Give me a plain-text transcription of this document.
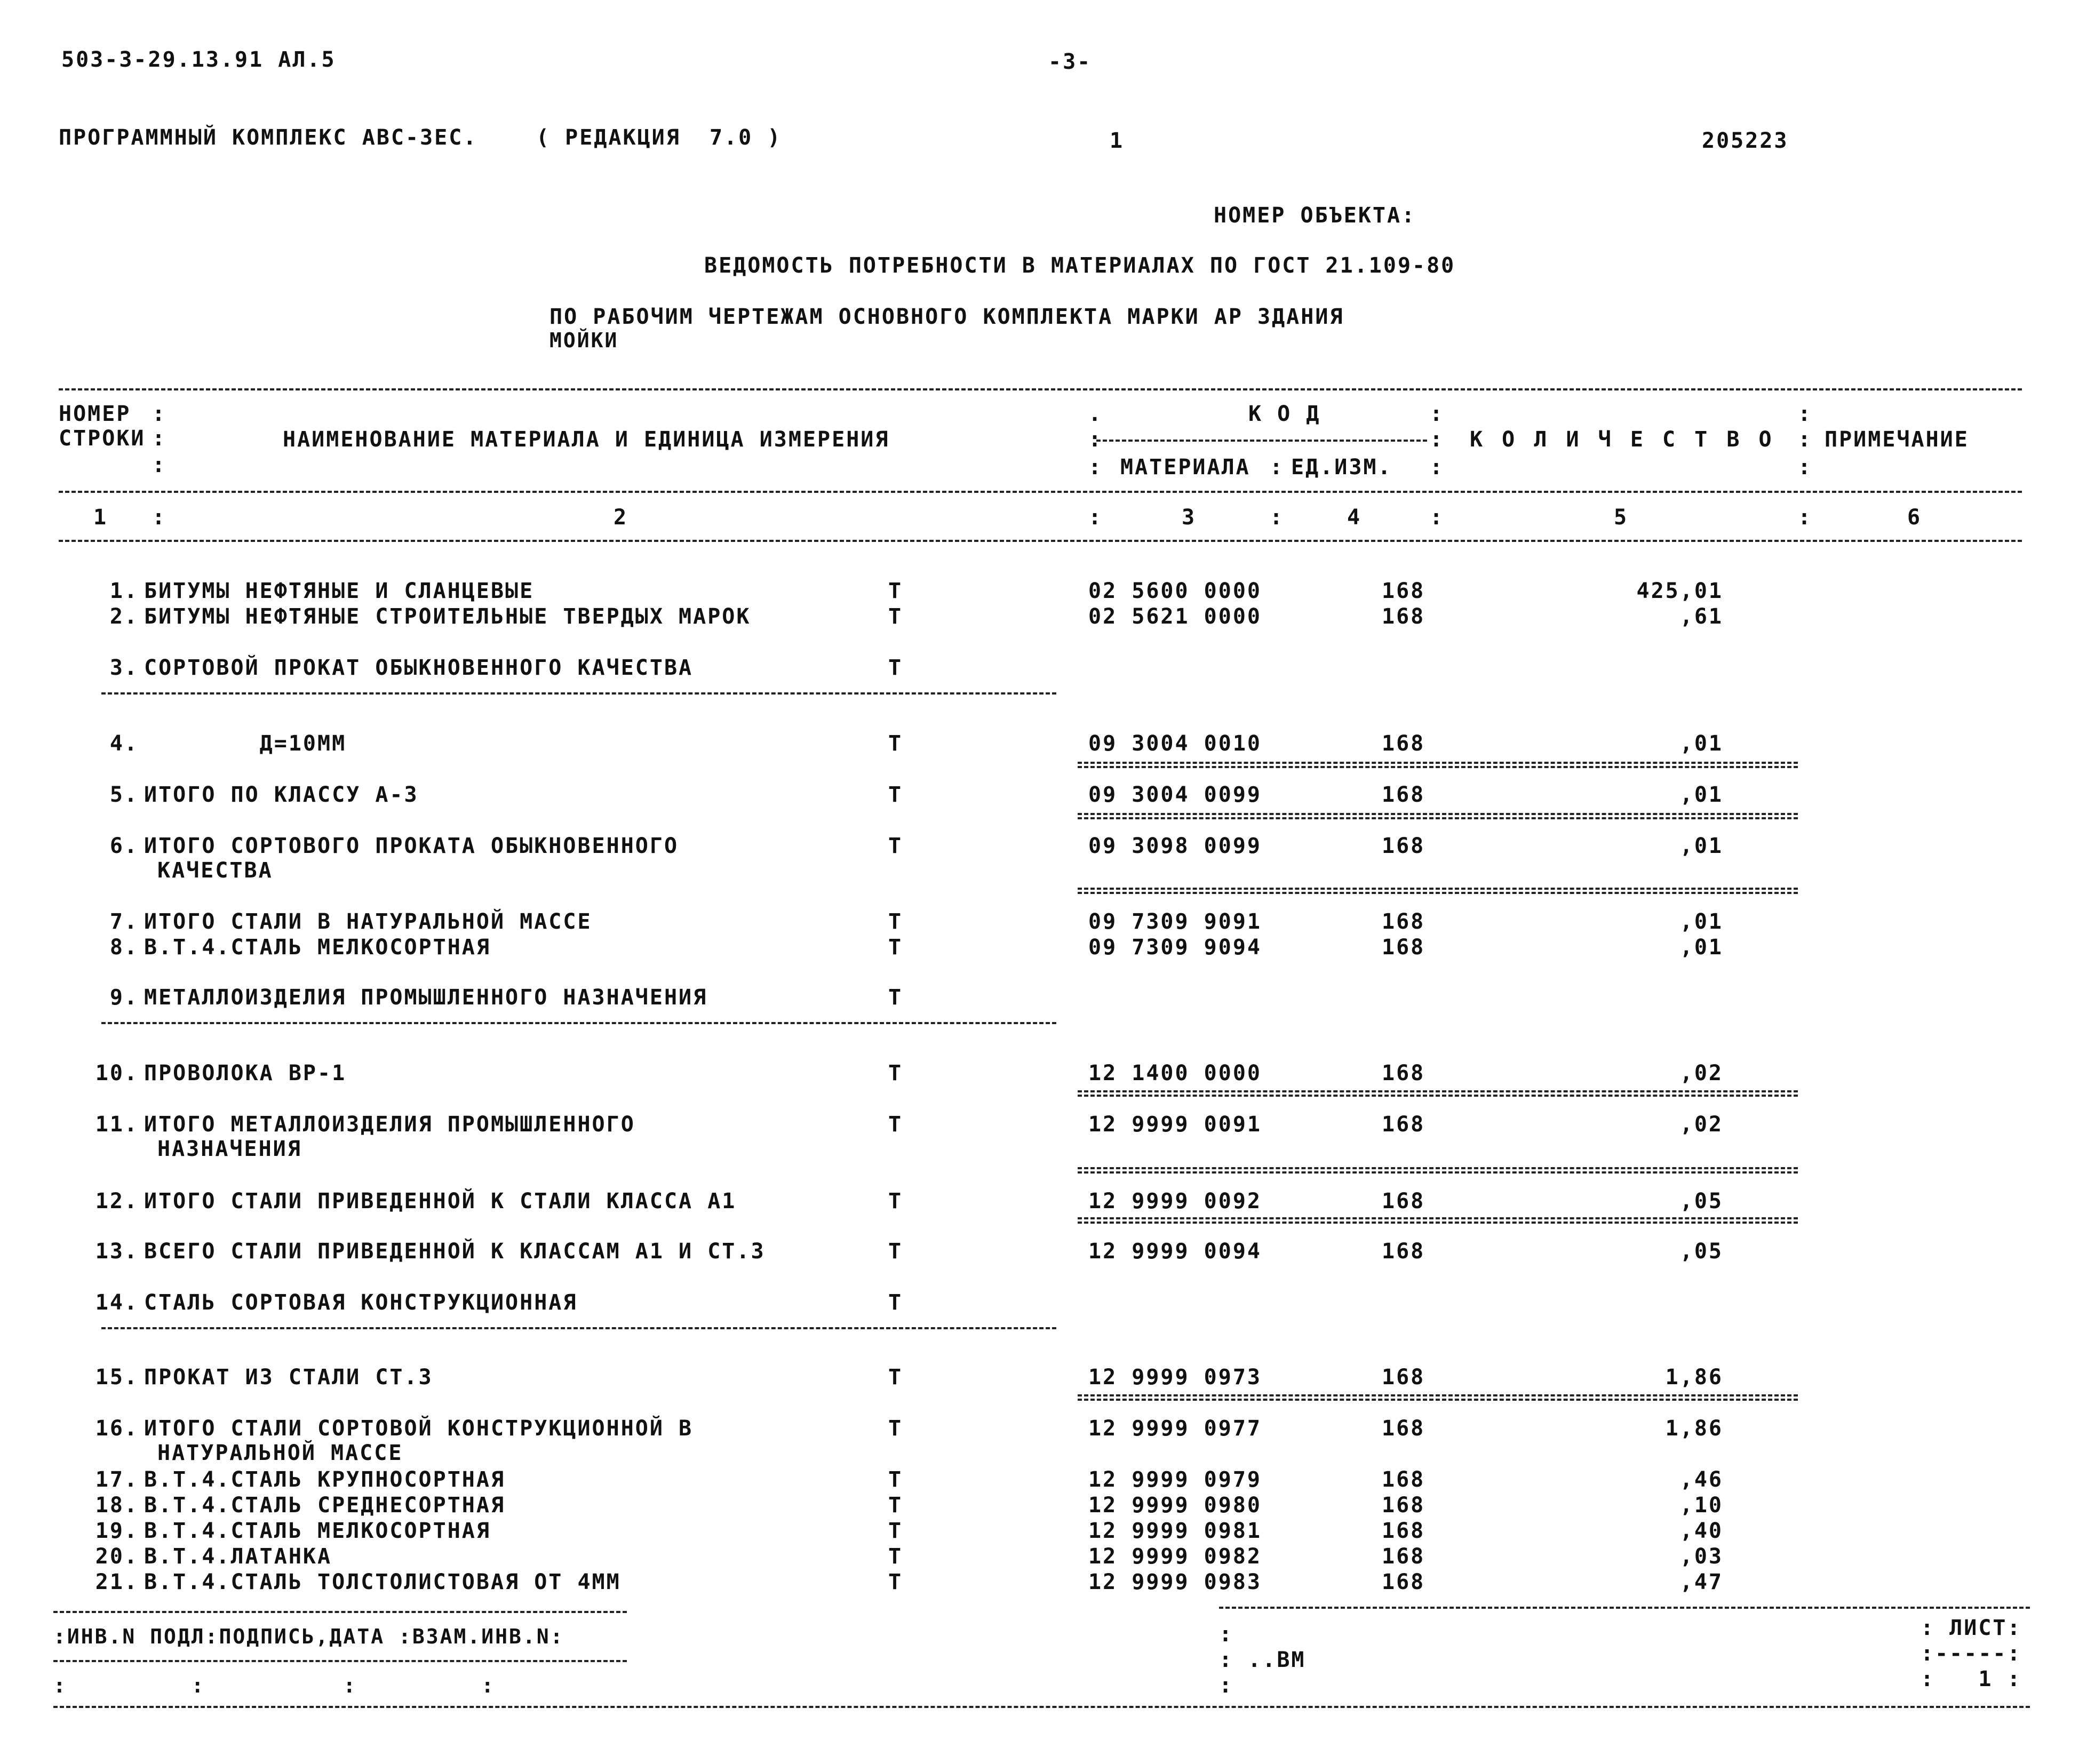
503-3-29.13.91 АЛ.5	-3-
ПРОГРАММНЫЙ КОМПЛЕКС АВС-3ЕС.	( РЕДАКЦИЯ  7.0 )	1	205223
НОМЕР ОБЪЕКТА:
ВЕДОМОСТЬ ПОТРЕБНОСТИ В МАТЕРИАЛАХ ПО ГОСТ 21.109-80
ПО РАБОЧИМ ЧЕРТЕЖАМ ОСНОВНОГО КОМПЛЕКТА МАРКИ АР ЗДАНИЯ
МОЙКИ
НОМЕР :
СТРОКИ :
:
НАИМЕНОВАНИЕ МАТЕРИАЛА И ЕДИНИЦА ИЗМЕРЕНИЯ
К О Д
.	:
:	:
: МАТЕРИАЛА : ЕД.ИЗМ. :
К О Л И Ч Е С Т В О
:
:
:
ПРИМЕЧАНИЕ
1 :	2	:	3	:	4	:	5	:	6
1. БИТУМЫ НЕФТЯНЫЕ И СЛАНЦЕВЫЕ	Т	02 5600 0000	168	425,01
2. БИТУМЫ НЕФТЯНЫЕ СТРОИТЕЛЬНЫЕ ТВЕРДЫХ МАРОК	Т	02 5621 0000	168	,61
3. СОРТОВОЙ ПРОКАТ ОБЫКНОВЕННОГО КАЧЕСТВА	Т
4. Д=10ММ	Т	09 3004 0010	168	,01
5. ИТОГО ПО КЛАССУ А-3	Т	09 3004 0099	168	,01
6. ИТОГО СОРТОВОГО ПРОКАТА ОБЫКНОВЕННОГО
КАЧЕСТВА
Т	09 3098 0099	168	,01
7. ИТОГО СТАЛИ В НАТУРАЛЬНОЙ МАССЕ	Т	09 7309 9091	168	,01
8. В.Т.4.СТАЛЬ МЕЛКОСОРТНАЯ	Т	09 7309 9094	168	,01
9. МЕТАЛЛОИЗДЕЛИЯ ПРОМЫШЛЕННОГО НАЗНАЧЕНИЯ	Т
10. ПРОВОЛОКА ВР-1	Т	12 1400 0000	168	,02
11. ИТОГО МЕТАЛЛОИЗДЕЛИЯ ПРОМЫШЛЕННОГО
НАЗНАЧЕНИЯ
Т	12 9999 0091	168	,02
12. ИТОГО СТАЛИ ПРИВЕДЕННОЙ К СТАЛИ КЛАССА А1	Т	12 9999 0092	168	,05
13. ВСЕГО СТАЛИ ПРИВЕДЕННОЙ К КЛАССАМ А1 И СТ.3	Т	12 9999 0094	168	,05
14. СТАЛЬ СОРТОВАЯ КОНСТРУКЦИОННАЯ	Т
15. ПРОКАТ ИЗ СТАЛИ СТ.3	Т	12 9999 0973	168	1,86
16. ИТОГО СТАЛИ СОРТОВОЙ КОНСТРУКЦИОННОЙ В
НАТУРАЛЬНОЙ МАССЕ
Т	12 9999 0977	168	1,86
17. В.Т.4.СТАЛЬ КРУПНОСОРТНАЯ	Т	12 9999 0979	168	,46
18. В.Т.4.СТАЛЬ СРЕДНЕСОРТНАЯ	Т	12 9999 0980	168	,10
19. В.Т.4.СТАЛЬ МЕЛКОСОРТНАЯ	Т	12 9999 0981	168	,40
20. В.Т.4.ЛАТАНКА	Т	12 9999 0982	168	,03
21. В.Т.4.СТАЛЬ ТОЛСТОЛИСТОВАЯ ОТ 4ММ	Т	12 9999 0983	168	,47
:ИНВ.N ПОДЛ:ПОДПИСЬ,ДАТА :ВЗАМ.ИНВ.N:
:         :          :         :
:
: ..ВМ
:
: ЛИСТ:
:-----:
:   1 :
